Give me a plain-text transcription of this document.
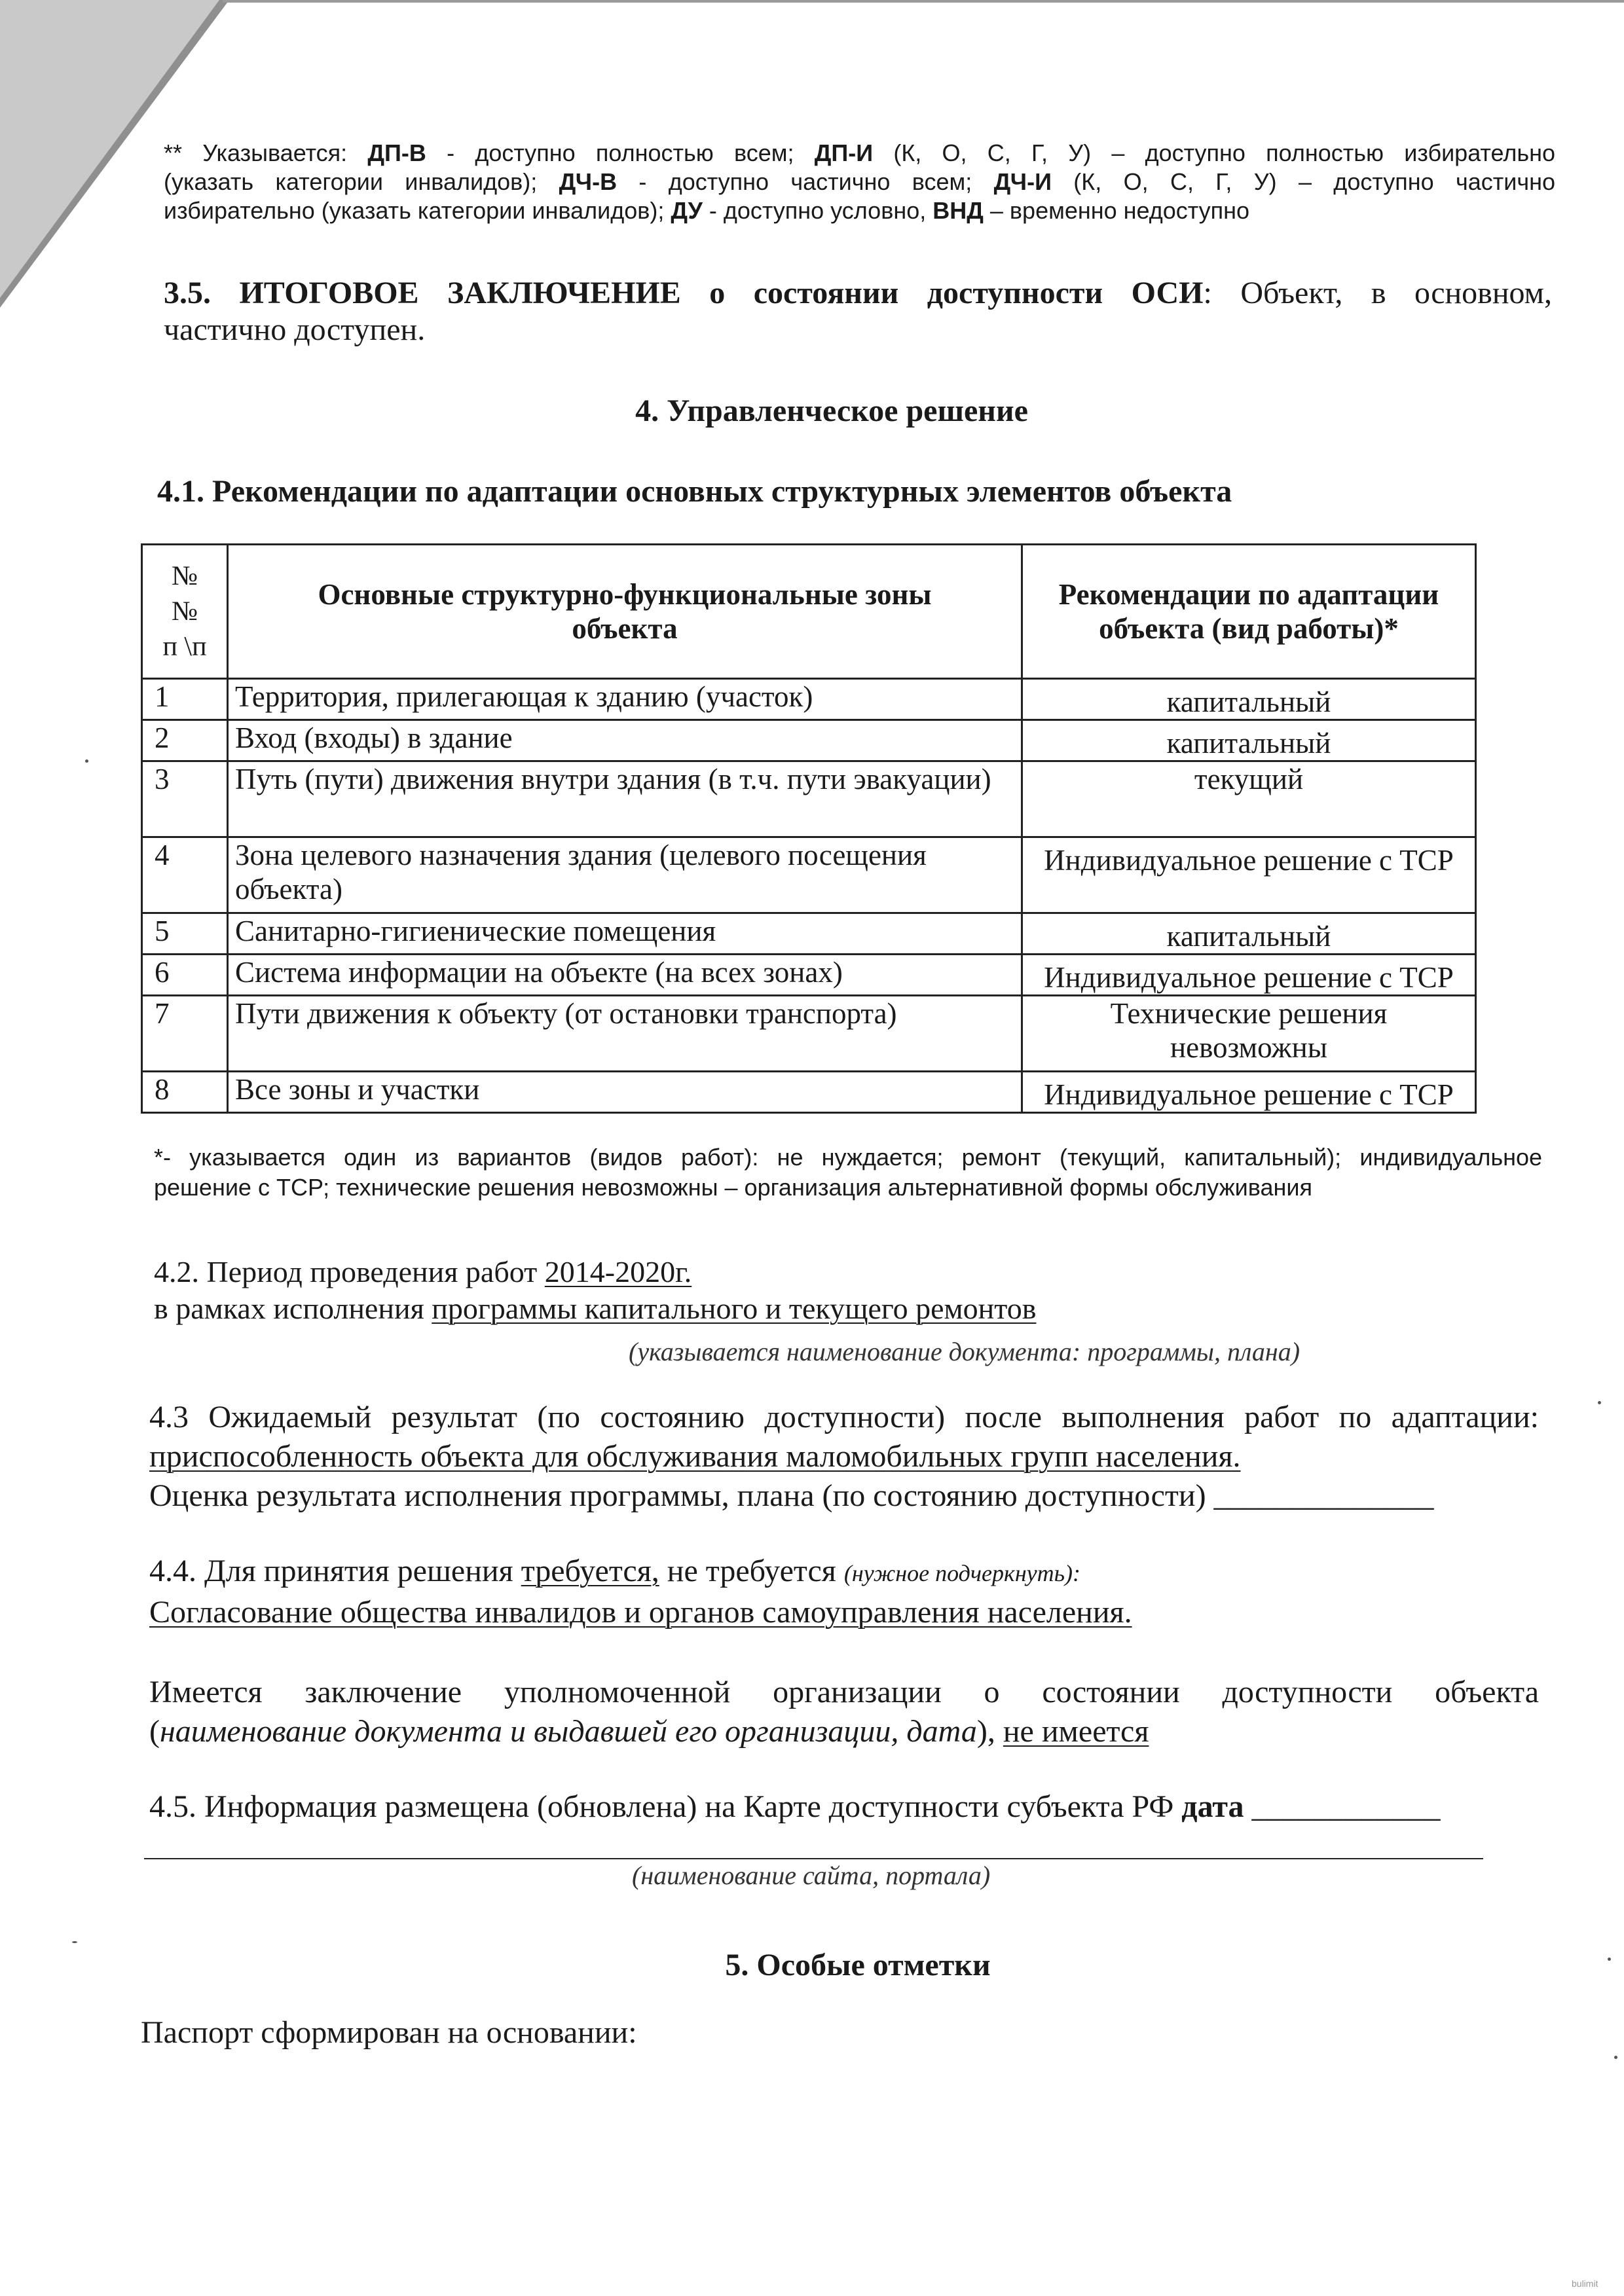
** Указывается: ДП-В - доступно полностью всем; ДП-И (К, О, С, Г, У) – доступно полностью избирательно
(указать категории инвалидов); ДЧ-В - доступно частично всем; ДЧ-И (К, О, С, Г, У) – доступно частично
избирательно (указать категории инвалидов); ДУ - доступно условно, ВНД – временно недоступно
3.5. ИТОГОВОЕ ЗАКЛЮЧЕНИЕ о состоянии доступности ОСИ: Объект, в основном,
частично доступен.
4. Управленческое решение
4.1. Рекомендации по адаптации основных структурных элементов объекта
№
№
п \п	Основные структурно-функциональные зоны объекта	Рекомендации по адаптации объекта (вид работы)*
1	Территория, прилегающая к зданию (участок)	капитальный
2	Вход (входы) в здание	капитальный
3	Путь (пути) движения внутри здания (в т.ч. пути эвакуации)	текущий
4	Зона целевого назначения здания (целевого посещения объекта)	Индивидуальное решение с ТСР
5	Санитарно-гигиенические помещения	капитальный
6	Система информации на объекте (на всех зонах)	Индивидуальное решение с ТСР
7	Пути движения к объекту (от остановки транспорта)	Технические решения невозможны
8	Все зоны и участки	Индивидуальное решение с ТСР
*- указывается один из вариантов (видов работ): не нуждается; ремонт (текущий, капитальный); индивидуальное
решение с ТСР; технические решения невозможны – организация альтернативной формы обслуживания
4.2. Период проведения работ 2014-2020г.
в рамках исполнения программы капитального и текущего ремонтов
(указывается наименование документа: программы, плана)
4.3 Ожидаемый результат (по состоянию доступности) после выполнения работ по адаптации:
приспособленность объекта для обслуживания маломобильных групп населения.
Оценка результата исполнения программы, плана (по состоянию доступности) ______________
4.4. Для принятия решения требуется, не требуется (нужное подчеркнуть):
Согласование общества инвалидов и органов самоуправления населения.
Имеется заключение уполномоченной организации о состоянии доступности объекта
(наименование документа и выдавшей его организации, дата), не имеется
4.5. Информация размещена (обновлена) на Карте доступности субъекта РФ дата ____________
(наименование сайта, портала)
5. Особые отметки
Паспорт сформирован на основании:
bulimit
